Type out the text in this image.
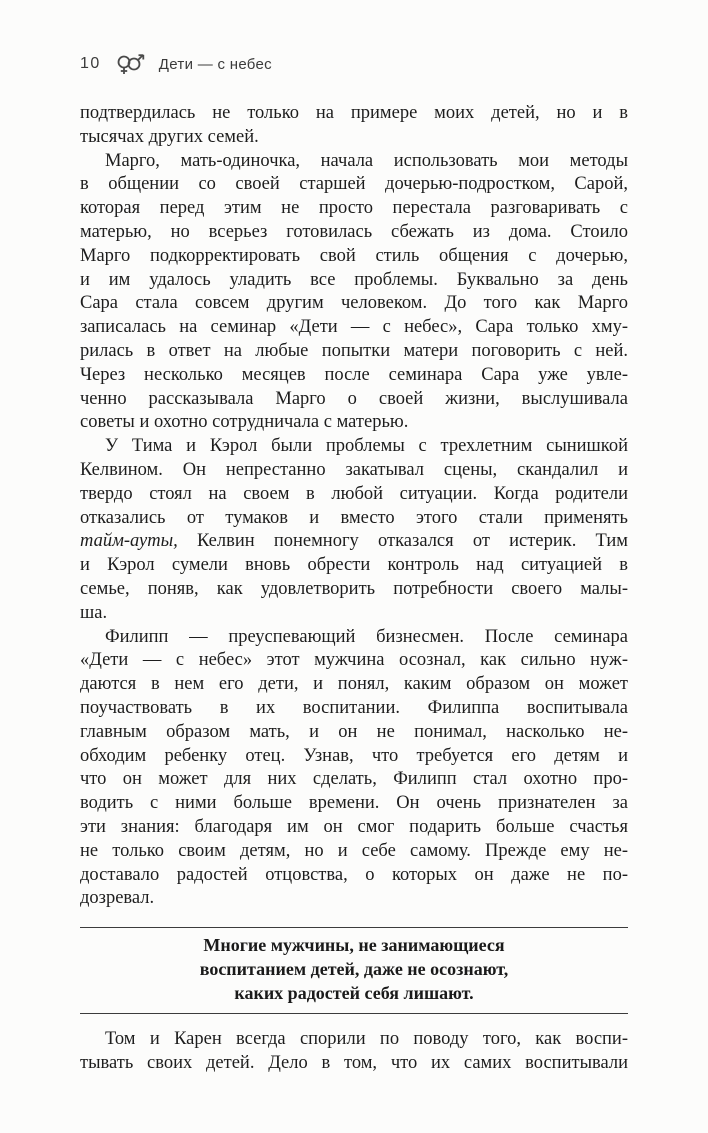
10	Дети — с небес
подтвердилась не только на примере моих детей, но и в
тысячах других семей.
Марго, мать-одиночка, начала использовать мои методы
в общении со своей старшей дочерью-подростком, Сарой,
которая перед этим не просто перестала разговаривать с
матерью, но всерьез готовилась сбежать из дома. Стоило
Марго подкорректировать свой стиль общения с дочерью,
и им удалось уладить все проблемы. Буквально за день
Сара стала совсем другим человеком. До того как Марго
записалась на семинар «Дети — с небес», Сара только хму-
рилась в ответ на любые попытки матери поговорить с ней.
Через несколько месяцев после семинара Сара уже увле-
ченно рассказывала Марго о своей жизни, выслушивала
советы и охотно сотрудничала с матерью.
У Тима и Кэрол были проблемы с трехлетним сынишкой
Келвином. Он непрестанно закатывал сцены, скандалил и
твердо стоял на своем в любой ситуации. Когда родители
отказались от тумаков и вместо этого стали применять
тайм-ауты, Келвин понемногу отказался от истерик. Тим
и Кэрол сумели вновь обрести контроль над ситуацией в
семье, поняв, как удовлетворить потребности своего малы-
ша.
Филипп — преуспевающий бизнесмен. После семинара
«Дети — с небес» этот мужчина осознал, как сильно нуж-
даются в нем его дети, и понял, каким образом он может
поучаствовать в их воспитании. Филиппа воспитывала
главным образом мать, и он не понимал, насколько не-
обходим ребенку отец. Узнав, что требуется его детям и
что он может для них сделать, Филипп стал охотно про-
водить с ними больше времени. Он очень признателен за
эти знания: благодаря им он смог подарить больше счастья
не только своим детям, но и себе самому. Прежде ему не-
доставало радостей отцовства, о которых он даже не по-
дозревал.
Многие мужчины, не занимающиеся
воспитанием детей, даже не осознают,
каких радостей себя лишают.
Том и Карен всегда спорили по поводу того, как воспи-
тывать своих детей. Дело в том, что их самих воспитывали
